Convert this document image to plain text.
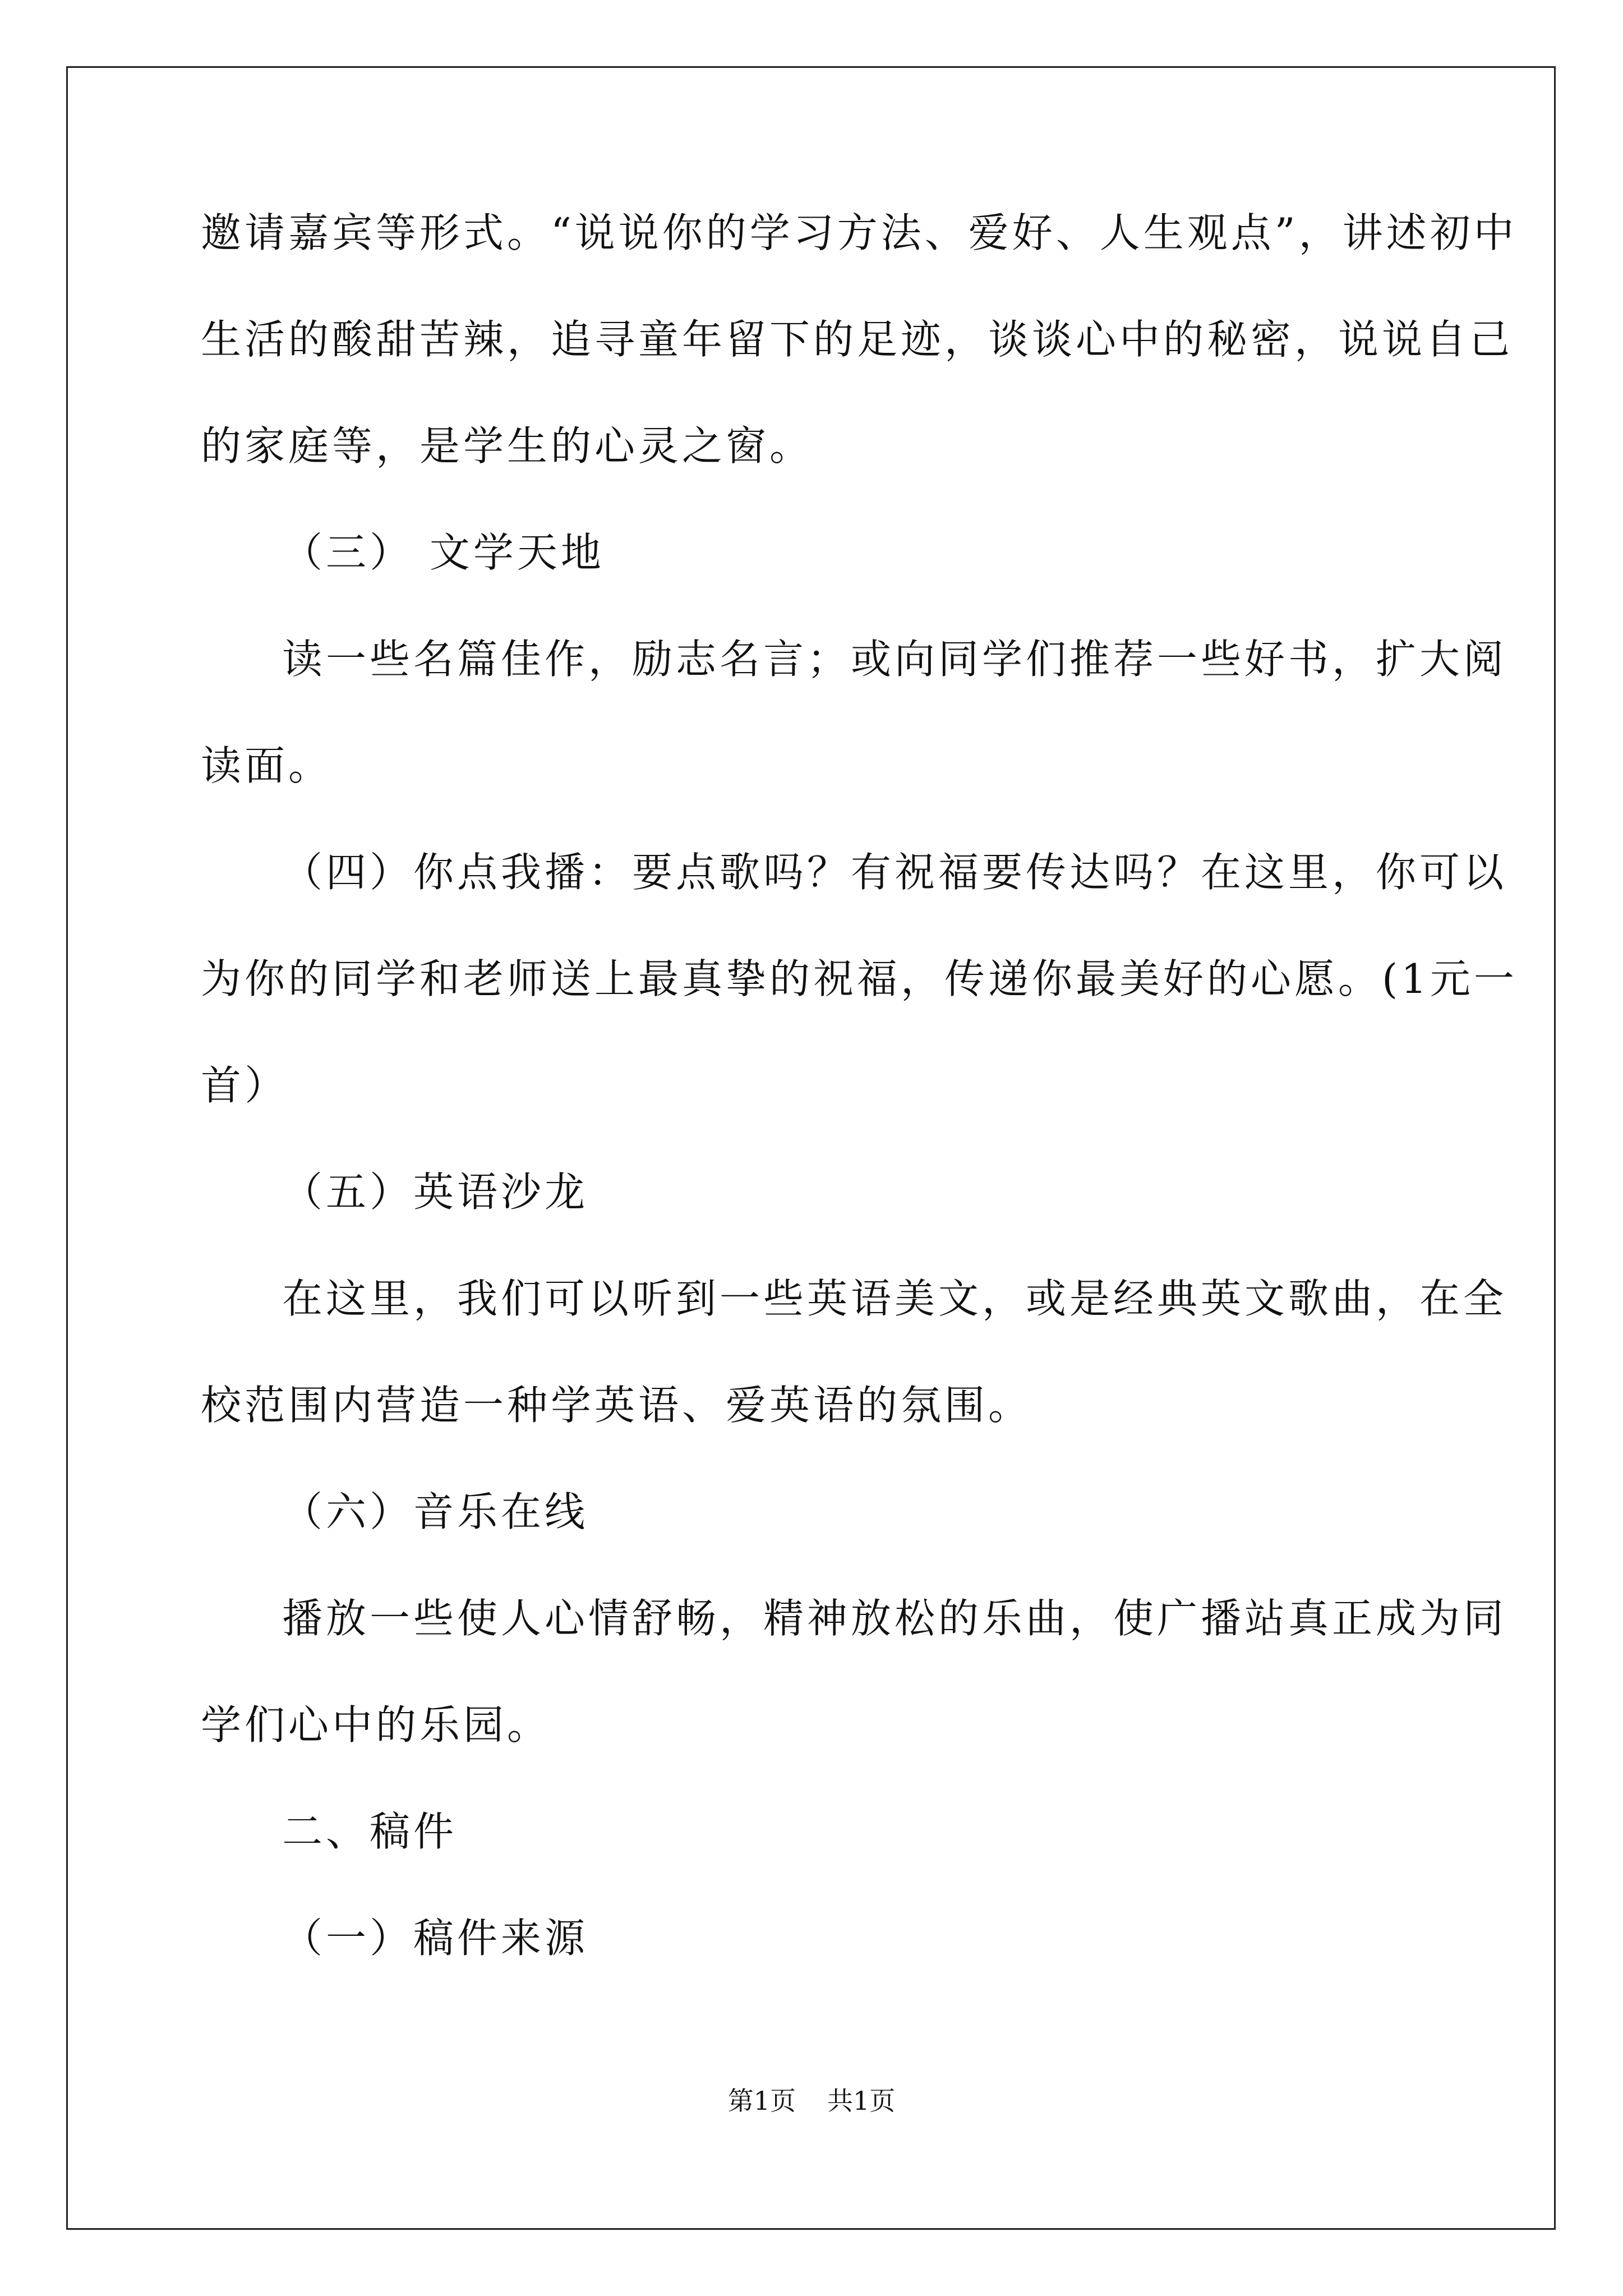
邀请嘉宾等形式。“说说你的学习方法、爱好、人生观点”，讲述初中
生活的酸甜苦辣，追寻童年留下的足迹，谈谈心中的秘密，说说自己
的家庭等，是学生的心灵之窗。
（三） 文学天地
读一些名篇佳作，励志名言；或向同学们推荐一些好书，扩大阅
读面。
（四）你点我播：要点歌吗？有祝福要传达吗？在这里，你可以
为你的同学和老师送上最真挚的祝福，传递你最美好的心愿。(1元一
首）
（五）英语沙龙
在这里，我们可以听到一些英语美文，或是经典英文歌曲，在全
校范围内营造一种学英语、爱英语的氛围。
（六）音乐在线
播放一些使人心情舒畅，精神放松的乐曲，使广播站真正成为同
学们心中的乐园。
二、稿件
（一）稿件来源
第1页 共1页
